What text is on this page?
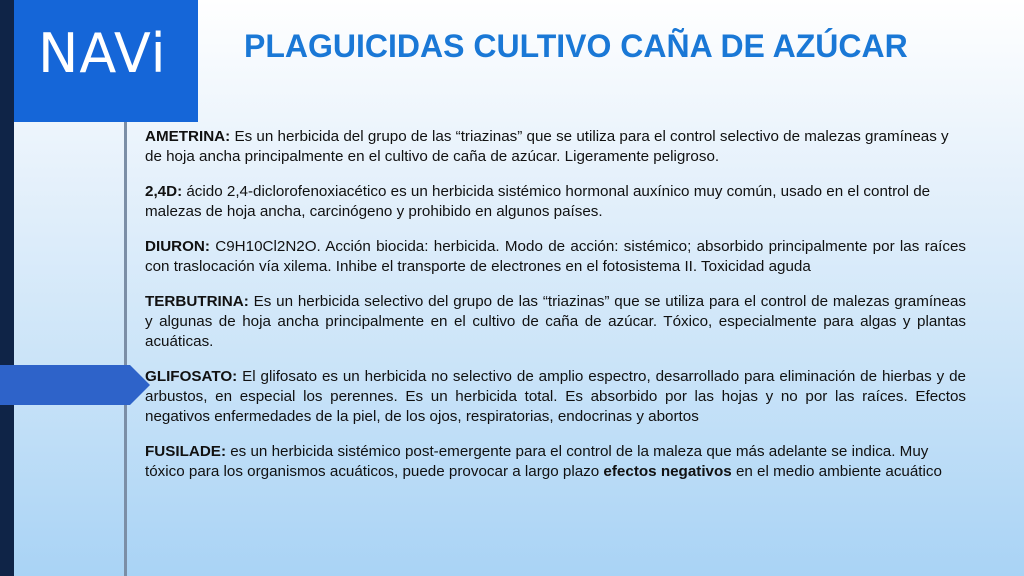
NAVi PLAGUICIDAS CULTIVO CAÑA DE AZÚCAR

AMETRINA: Es un herbicida del grupo de las “triazinas” que se utiliza para el control selectivo de malezas gramíneas y de hoja ancha principalmente en el cultivo de caña de azúcar. Ligeramente peligroso.

2,4D: ácido 2,4-diclorofenoxiacético es un herbicida sistémico hormonal auxínico muy común, usado en el control de malezas de hoja ancha, carcinógeno y prohibido en algunos países.

DIURON: C9H10Cl2N2O. Acción biocida: herbicida. Modo de acción: sistémico; absorbido principalmente por las raíces con traslocación vía xilema. Inhibe el transporte de electrones en el fotosistema II. Toxicidad aguda

TERBUTRINA: Es un herbicida selectivo del grupo de las “triazinas” que se utiliza para el control de malezas gramíneas y algunas de hoja ancha principalmente en el cultivo de caña de azúcar. Tóxico, especialmente para algas y plantas acuáticas.

GLIFOSATO: El glifosato es un herbicida no selectivo de amplio espectro, desarrollado para eliminación de hierbas y de arbustos, en especial los perennes. Es un herbicida total. Es absorbido por las hojas y no por las raíces. Efectos negativos enfermedades de la piel, de los ojos, respiratorias, endocrinas y abortos

FUSILADE: es un herbicida sistémico post-emergente para el control de la maleza que más adelante se indica. Muy tóxico para los organismos acuáticos, puede provocar a largo plazo efectos negativos en el medio ambiente acuático
